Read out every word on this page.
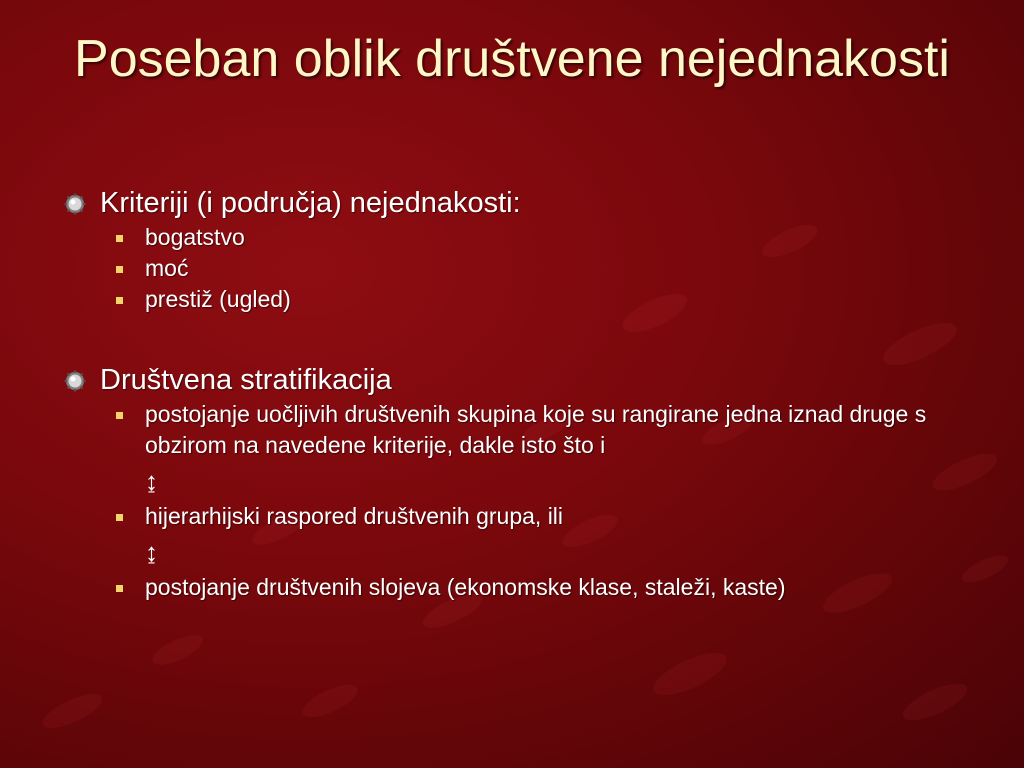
Poseban oblik društvene nejednakosti
Kriteriji (i područja) nejednakosti:
bogatstvo
moć
prestiž (ugled)
Društvena stratifikacija
postojanje uočljivih društvenih skupina koje su rangirane jedna iznad druge s obzirom na navedene kriterije, dakle isto što i
↨
hijerarhijski raspored društvenih grupa, ili
↨
postojanje društvenih slojeva (ekonomske klase, staleži, kaste)
